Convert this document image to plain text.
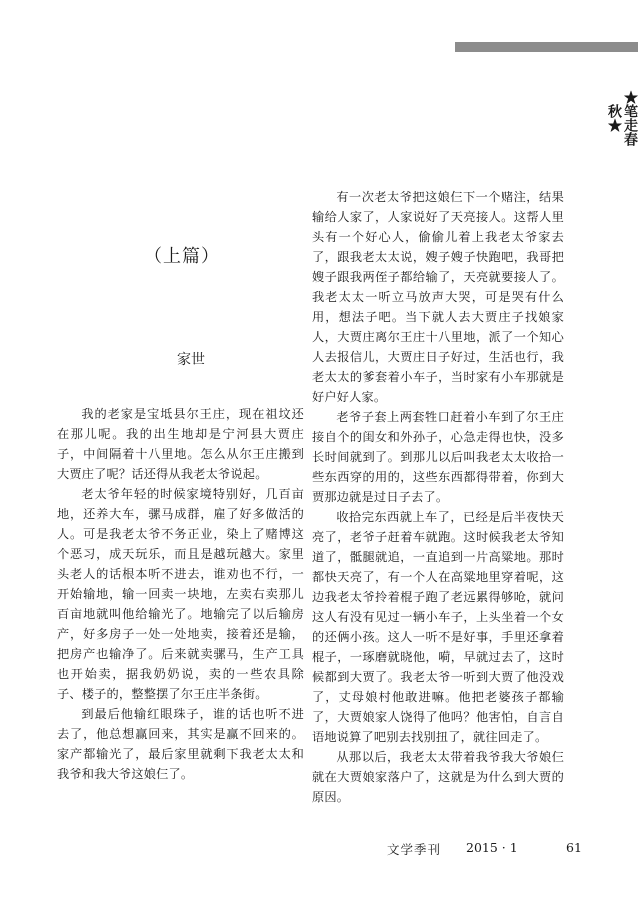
★笔走春秋★
（上篇）
家世

我的老家是宝坻县尔王庄，现在祖坟还在那儿呢。我的出生地却是宁河县大贾庄子，中间隔着十八里地。怎么从尔王庄搬到大贾庄了呢？话还得从我老太爷说起。

老太爷年轻的时候家境特别好，几百亩地，还养大车，骡马成群，雇了好多做活的人。可是我老太爷不务正业，染上了赌博这个恶习，成天玩乐，而且是越玩越大。家里头老人的话根本听不进去，谁劝也不行，一开始输地，输一回卖一块地，左卖右卖那儿百亩地就叫他给输光了。地输完了以后输房产，好多房子一处一处地卖，接着还是输，把房产也输净了。后来就卖骡马，生产工具也开始卖，据我奶奶说，卖的一些农具除子、楼子的，整整摆了尔王庄半条街。

到最后他输红眼珠子，谁的话也听不进去了，他总想赢回来，其实是赢不回来的。家产都输光了，最后家里就剩下我老太太和我爷和我大爷这娘仨了。

有一次老太爷把这娘仨下一个赌注，结果输给人家了，人家说好了天亮接人。这帮人里头有一个好心人，偷偷儿着上我老太爷家去了，跟我老太太说，嫂子嫂子快跑吧，我哥把嫂子跟我两侄子都给输了，天亮就要接人了。我老太太一听立马放声大哭，可是哭有什么用，想法子吧。当下就人去大贾庄子找娘家人，大贾庄离尔王庄十八里地，派了一个知心人去报信儿，大贾庄日子好过，生活也行，我老太太的爹套着小车子，当时家有小车那就是好户好人家。

老爷子套上两套牲口赶着小车到了尔王庄接自个的闺女和外孙子，心急走得也快，没多长时间就到了。到那儿以后叫我老太太收拾一些东西穿的用的，这些东西都得带着，你到大贾那边就是过日子去了。

收拾完东西就上车了，已经是后半夜快天亮了，老爷子赶着车就跑。这时候我老太爷知道了，骶腿就追，一直追到一片高粱地。那时都快天亮了，有一个人在高粱地里穿着呢，这边我老太爷拎着棍子跑了老远累得够呛，就问这人有没有见过一辆小车子，上头坐着一个女的还俩小孩。这人一听不是好事，手里还拿着棍子，一琢磨就晓他，嗬，早就过去了，这时候都到大贾了。我老太爷一听到大贾了他没戏了，丈母娘村他敢进嘛。他把老婆孩子都输了，大贾娘家人饶得了他吗？他害怕，自言自语地说算了吧别去找别扭了，就往回走了。

从那以后，我老太太带着我爷我大爷娘仨就在大贾娘家落户了，这就是为什么到大贾的原因。

文学季刊 2015 · 1	61
